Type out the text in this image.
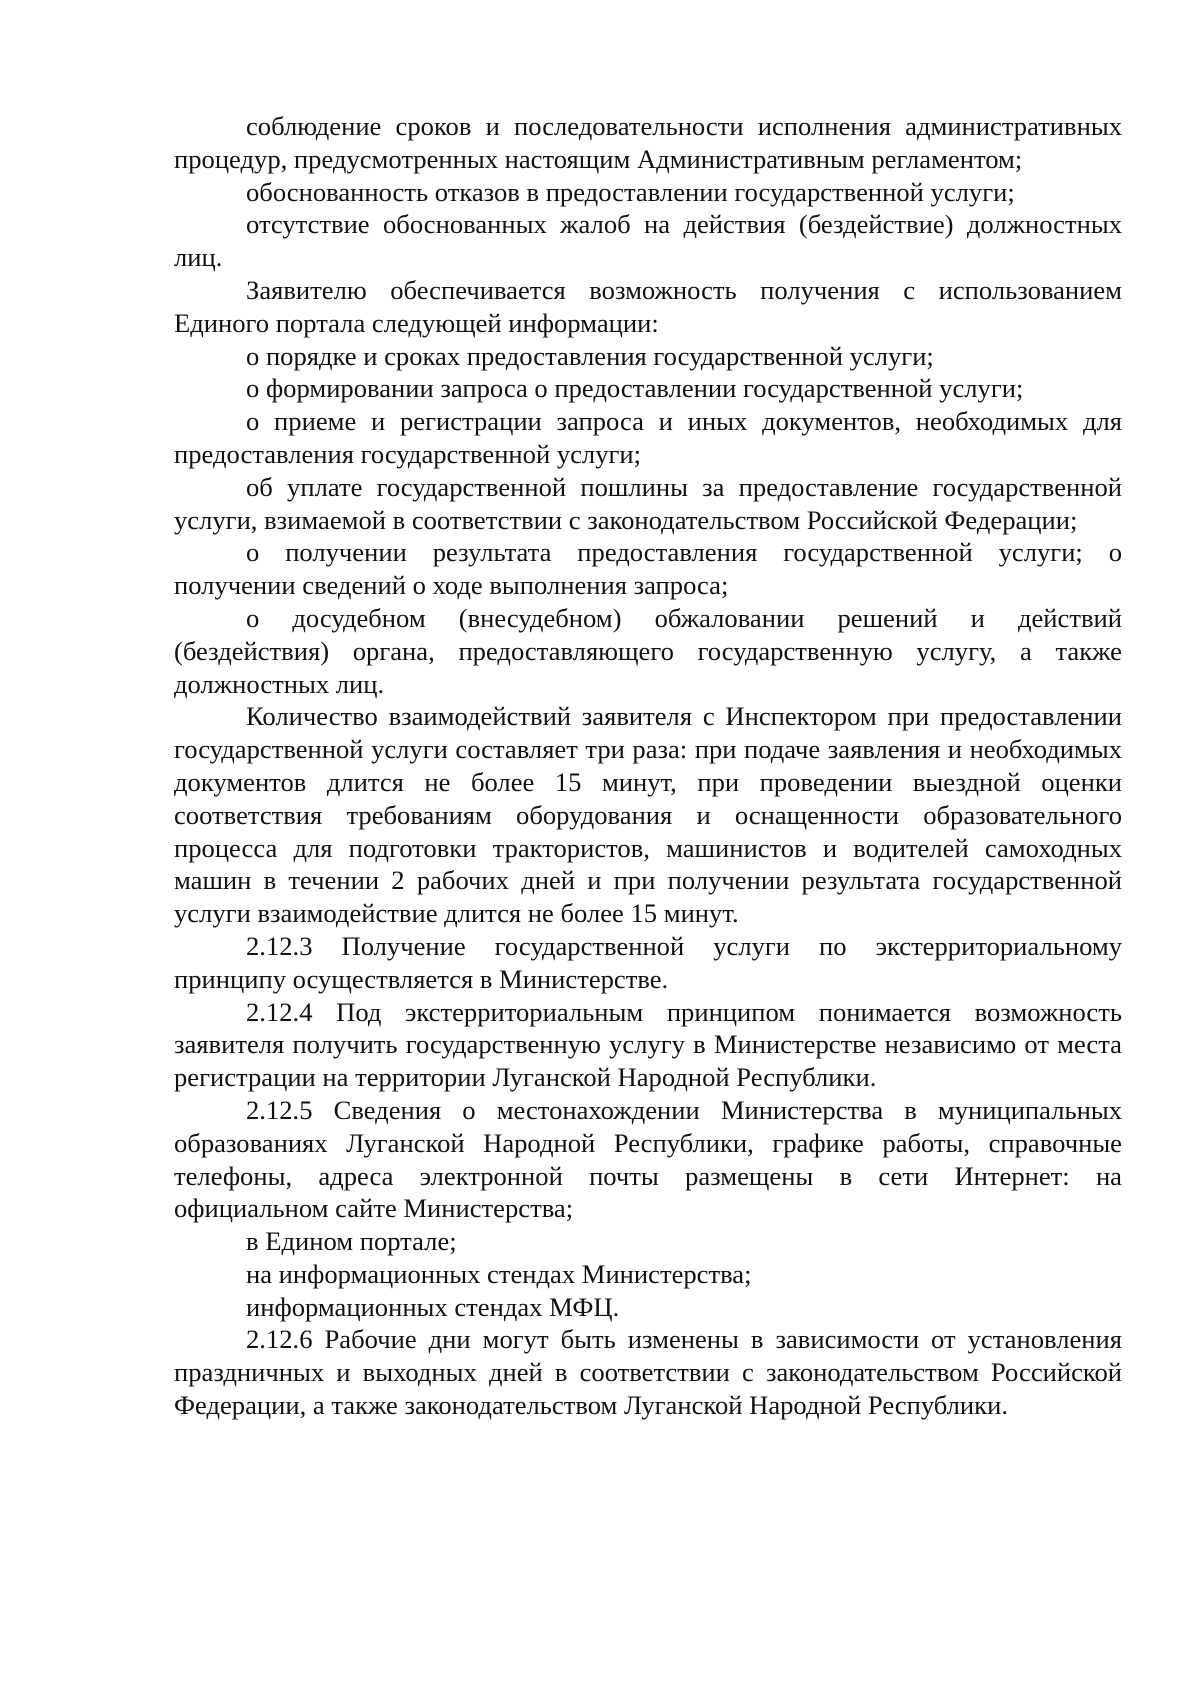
соблюдение сроков и последовательности исполнения административных процедур, предусмотренных настоящим Административным регламентом;

обоснованность отказов в предоставлении государственной услуги;

отсутствие обоснованных жалоб на действия (бездействие) должностных лиц.

Заявителю обеспечивается возможность получения с использованием Единого портала следующей информации:

о порядке и сроках предоставления государственной услуги;

о формировании запроса о предоставлении государственной услуги;

о приеме и регистрации запроса и иных документов, необходимых для предоставления государственной услуги;

об уплате государственной пошлины за предоставление государственной услуги, взимаемой в соответствии с законодательством Российской Федерации;

о получении результата предоставления государственной услуги; о получении сведений о ходе выполнения запроса;

о досудебном (внесудебном) обжаловании решений и действий (бездействия) органа, предоставляющего государственную услугу, а также должностных лиц.

Количество взаимодействий заявителя с Инспектором при предоставлении государственной услуги составляет три раза: при подаче заявления и необходимых документов длится не более 15 минут, при проведении выездной оценки соответствия требованиям оборудования и оснащенности образовательного процесса для подготовки трактористов, машинистов и водителей самоходных машин в течении 2 рабочих дней и при получении результата государственной услуги взаимодействие длится не более 15 минут.

2.12.3 Получение государственной услуги по экстерриториальному принципу осуществляется в Министерстве.

2.12.4 Под экстерриториальным принципом понимается возможность заявителя получить государственную услугу в Министерстве независимо от места регистрации на территории Луганской Народной Республики.

2.12.5 Сведения о местонахождении Министерства в муниципальных образованиях Луганской Народной Республики, графике работы, справочные телефоны, адреса электронной почты размещены в сети Интернет: на официальном сайте Министерства;

в Едином портале;

на информационных стендах Министерства;

информационных стендах МФЦ.

2.12.6 Рабочие дни могут быть изменены в зависимости от установления праздничных и выходных дней в соответствии с законодательством Российской Федерации, а также законодательством Луганской Народной Республики.
